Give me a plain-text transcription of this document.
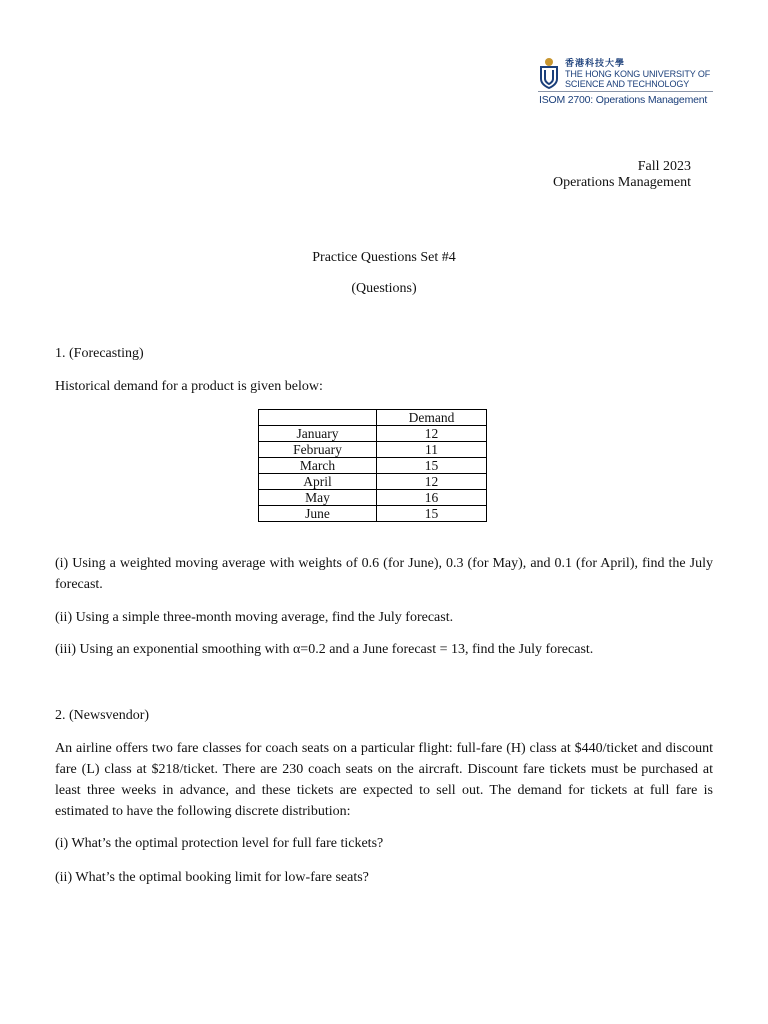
香港科技大學
THE HONG KONG UNIVERSITY OF
SCIENCE AND TECHNOLOGY
ISOM 2700: Operations Management
Fall 2023
Operations Management
Practice Questions Set #4
(Questions)
1. (Forecasting)
Historical demand for a product is given below:
	Demand
January	12
February	11
March	15
April	12
May	16
June	15
(i) Using a weighted moving average with weights of 0.6 (for June), 0.3 (for May), and 0.1 (for April), find the July forecast.
(ii) Using a simple three-month moving average, find the July forecast.
(iii) Using an exponential smoothing with α=0.2 and a June forecast = 13, find the July forecast.
2. (Newsvendor)
An airline offers two fare classes for coach seats on a particular flight: full-fare (H) class at $440/ticket and discount fare (L) class at $218/ticket. There are 230 coach seats on the aircraft. Discount fare tickets must be purchased at least three weeks in advance, and these tickets are expected to sell out. The demand for tickets at full fare is estimated to have the following discrete distribution:
(i) What’s the optimal protection level for full fare tickets?
(ii) What’s the optimal booking limit for low-fare seats?
